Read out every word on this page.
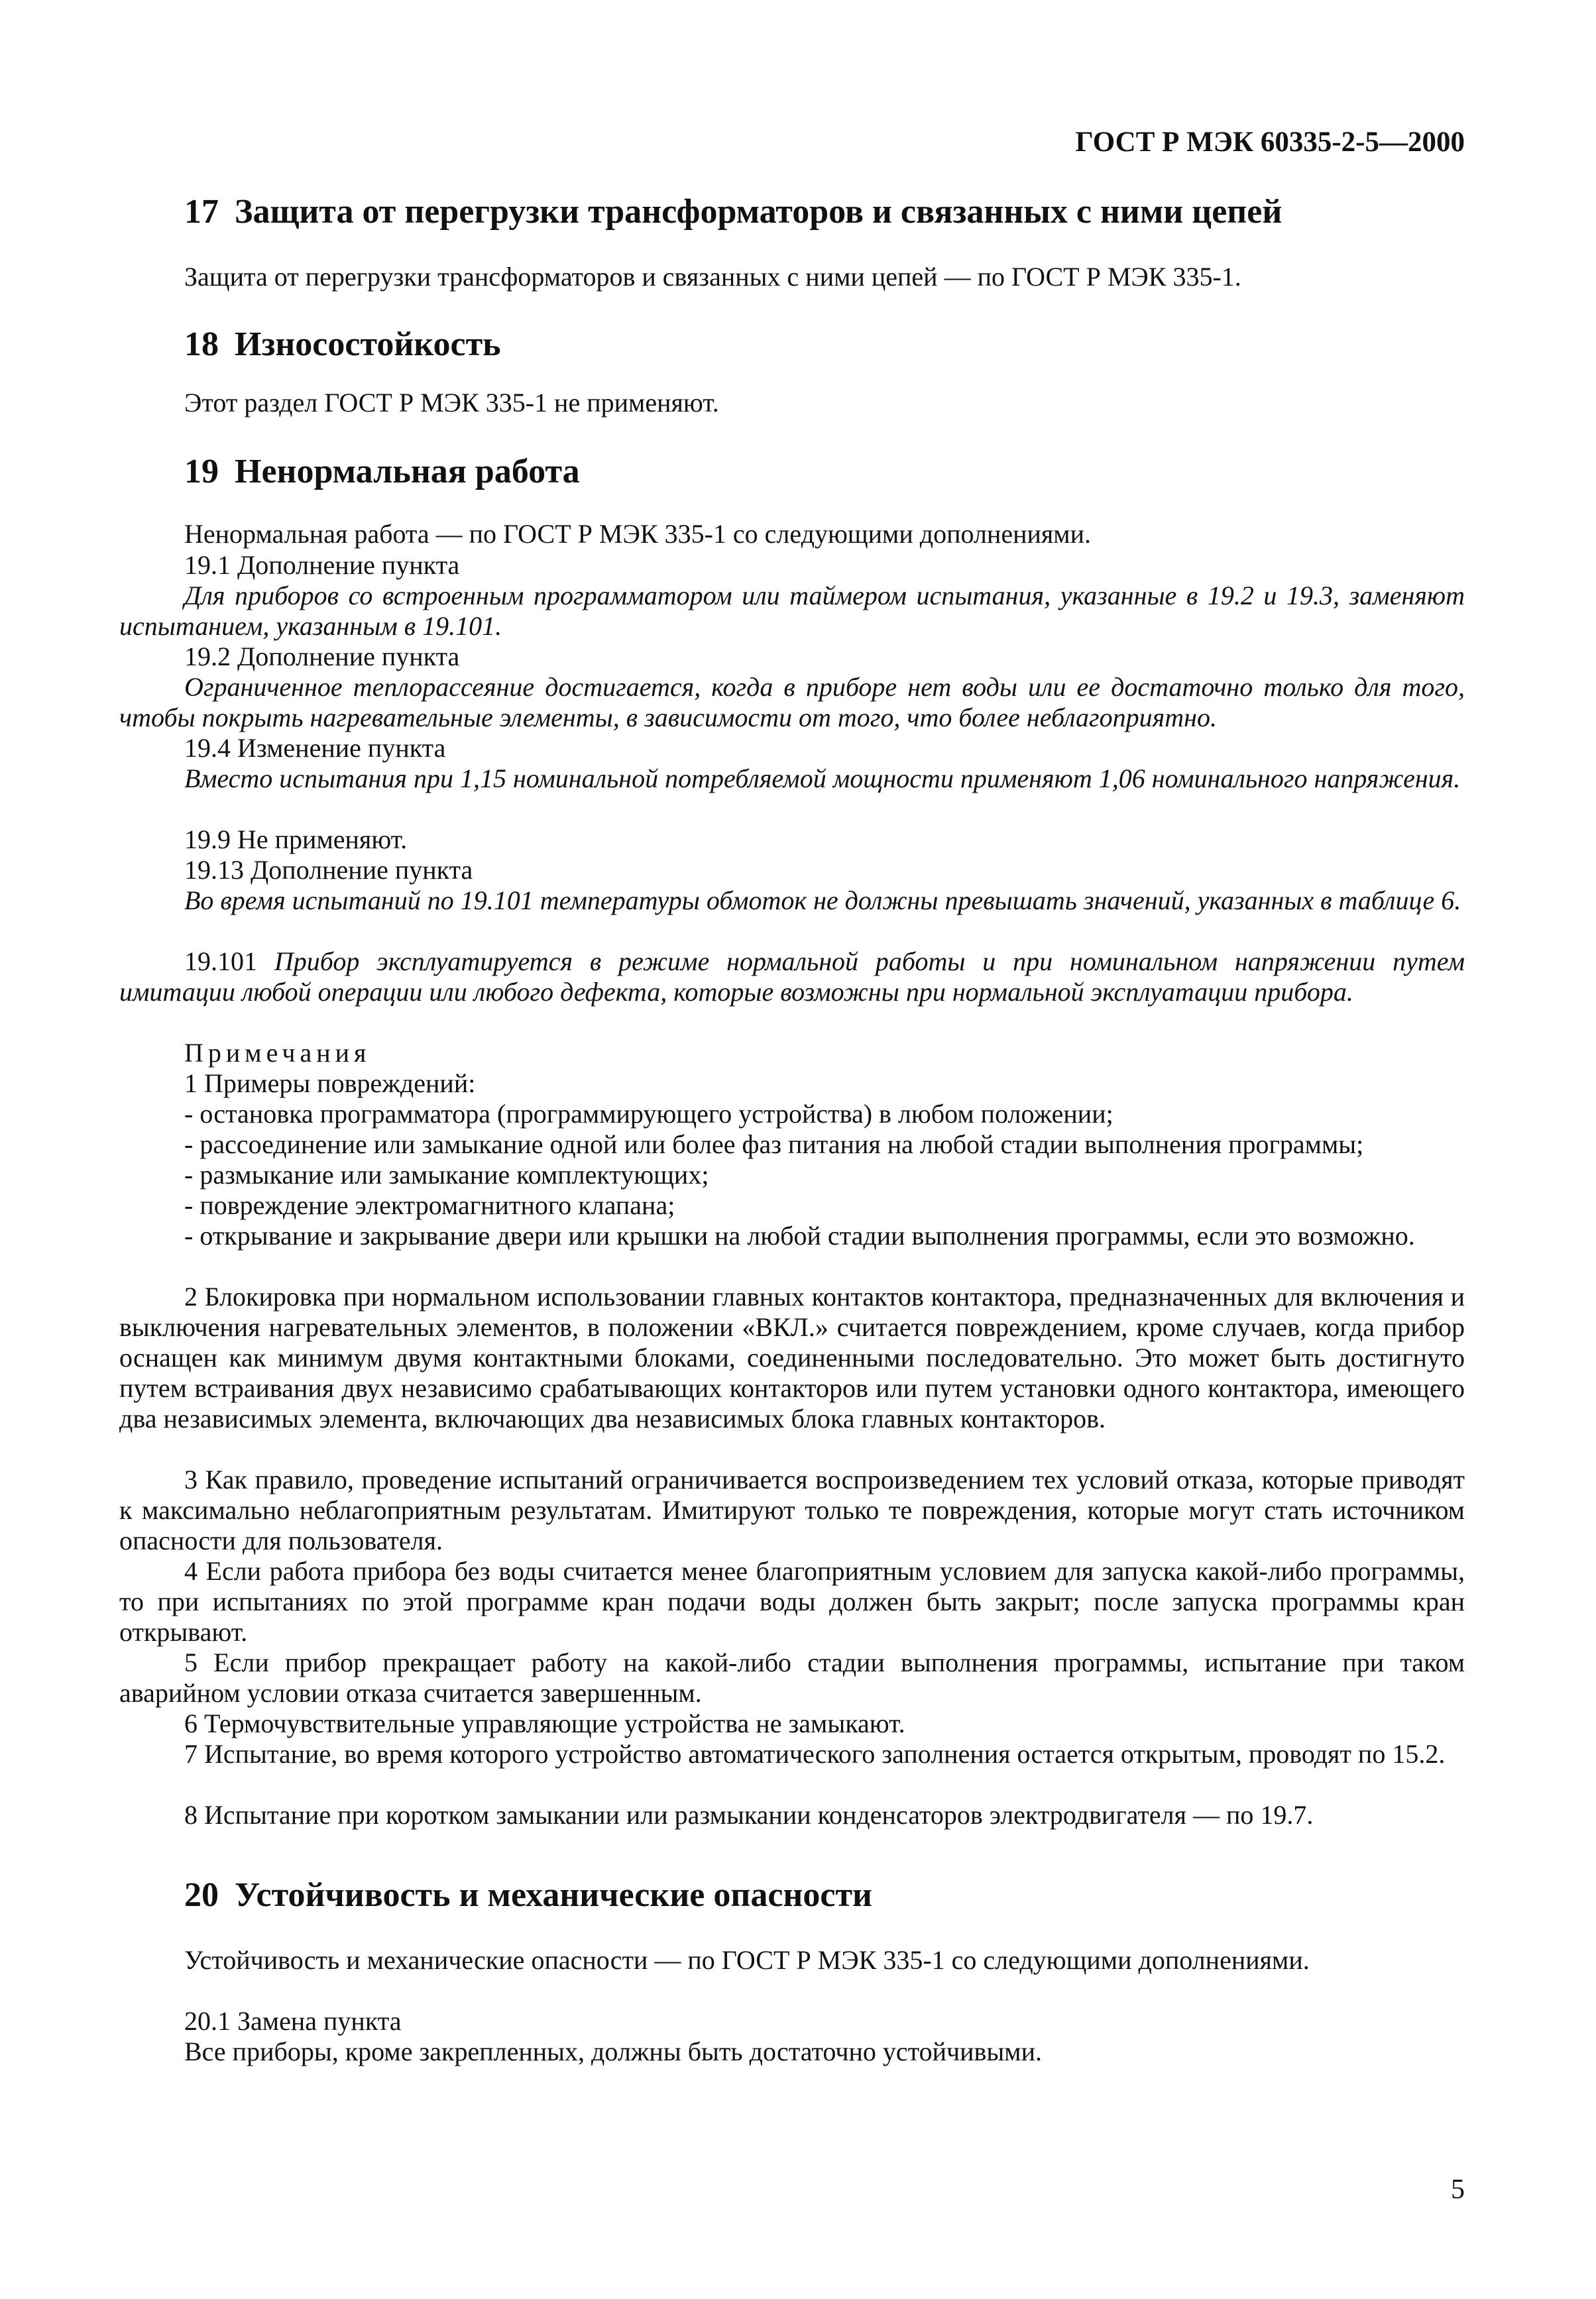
ГОСТ Р МЭК 60335-2-5—2000
17 Защита от перегрузки трансформаторов и связанных с ними цепей

Защита от перегрузки трансформаторов и связанных с ними цепей — по ГОСТ Р МЭК 335-1.

18 Износостойкость

Этот раздел ГОСТ Р МЭК 335-1 не применяют.

19 Ненормальная работа

Ненормальная работа — по ГОСТ Р МЭК 335-1 со следующими дополнениями.

19.1 Дополнение пункта

Для приборов со встроенным программатором или таймером испытания, указанные в 19.2 и 19.3, заменяют испытанием, указанным в 19.101.

19.2 Дополнение пункта

Ограниченное теплорассеяние достигается, когда в приборе нет воды или ее достаточно только для того, чтобы покрыть нагревательные элементы, в зависимости от того, что более неблагоприятно.

19.4 Изменение пункта

Вместо испытания при 1,15 номинальной потребляемой мощности применяют 1,06 номинального напряжения.

19.9 Не применяют.

19.13 Дополнение пункта

Во время испытаний по 19.101 температуры обмоток не должны превышать значений, указанных в таблице 6.

19.101 Прибор эксплуатируется в режиме нормальной работы и при номинальном напряжении путем имитации любой операции или любого дефекта, которые возможны при нормальной эксплуатации прибора.

Примечания

1 Примеры повреждений:

- остановка программатора (программирующего устройства) в любом положении;

- рассоединение или замыкание одной или более фаз питания на любой стадии выполнения программы;

- размыкание или замыкание комплектующих;

- повреждение электромагнитного клапана;

- открывание и закрывание двери или крышки на любой стадии выполнения программы, если это возможно.

2 Блокировка при нормальном использовании главных контактов контактора, предназначенных для включения и выключения нагревательных элементов, в положении «ВКЛ.» считается повреждением, кроме случаев, когда прибор оснащен как минимум двумя контактными блоками, соединенными последовательно. Это может быть достигнуто путем встраивания двух независимо срабатывающих контакторов или путем установки одного контактора, имеющего два независимых элемента, включающих два независимых блока главных контакторов.

3 Как правило, проведение испытаний ограничивается воспроизведением тех условий отказа, которые приводят к максимально неблагоприятным результатам. Имитируют только те повреждения, которые могут стать источником опасности для пользователя.

4 Если работа прибора без воды считается менее благоприятным условием для запуска какой-либо программы, то при испытаниях по этой программе кран подачи воды должен быть закрыт; после запуска программы кран открывают.

5 Если прибор прекращает работу на какой-либо стадии выполнения программы, испытание при таком аварийном условии отказа считается завершенным.

6 Термочувствительные управляющие устройства не замыкают.

7 Испытание, во время которого устройство автоматического заполнения остается открытым, проводят по 15.2.

8 Испытание при коротком замыкании или размыкании конденсаторов электродвигателя — по 19.7.

20 Устойчивость и механические опасности

Устойчивость и механические опасности — по ГОСТ Р МЭК 335-1 со следующими дополнениями.

20.1 Замена пункта

Все приборы, кроме закрепленных, должны быть достаточно устойчивыми.

5
